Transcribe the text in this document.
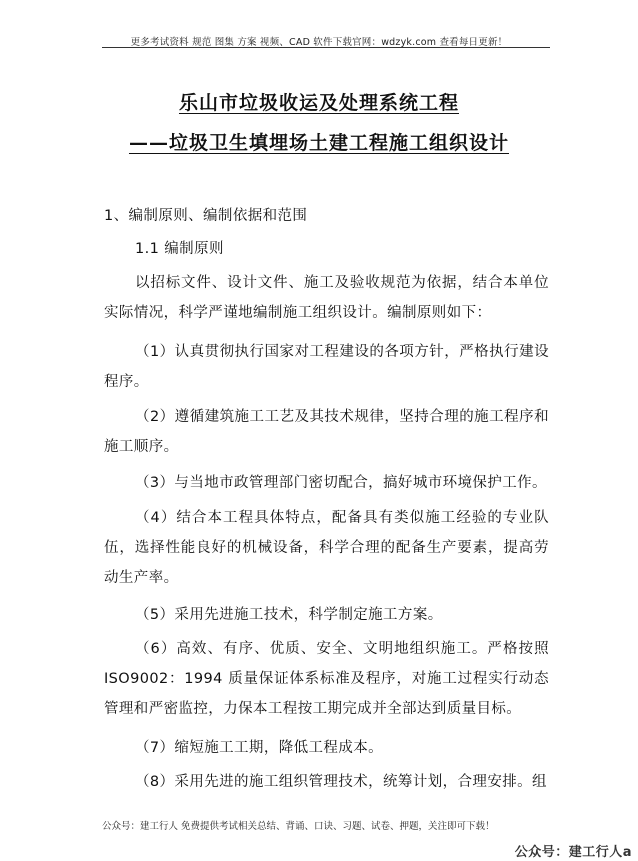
更多考试资料 规范 图集 方案 视频、CAD 软件下载官网：wdzyk.com 查看每日更新！
乐山市垃圾收运及处理系统工程
——垃圾卫生填埋场土建工程施工组织设计
1、编制原则、编制依据和范围
1.1 编制原则
以招标文件、设计文件、施工及验收规范为依据，结合本单位实际情况，科学严谨地编制施工组织设计。编制原则如下：
（1）认真贯彻执行国家对工程建设的各项方针，严格执行建设程序。
（2）遵循建筑施工工艺及其技术规律，坚持合理的施工程序和施工顺序。
（3）与当地市政管理部门密切配合，搞好城市环境保护工作。
（4）结合本工程具体特点，配备具有类似施工经验的专业队伍，选择性能良好的机械设备，科学合理的配备生产要素，提高劳动生产率。
（5）采用先进施工技术，科学制定施工方案。
（6）高效、有序、优质、安全、文明地组织施工。严格按照 ISO9002：1994 质量保证体系标准及程序，对施工过程实行动态管理和严密监控，力保本工程按工期完成并全部达到质量目标。
（7）缩短施工工期，降低工程成本。
（8）采用先进的施工组织管理技术，统筹计划，合理安排。组
公众号：建工行人 免费提供考试相关总结、背诵、口诀、习题、试卷、押题，关注即可下载！
公众号：建工行人a
